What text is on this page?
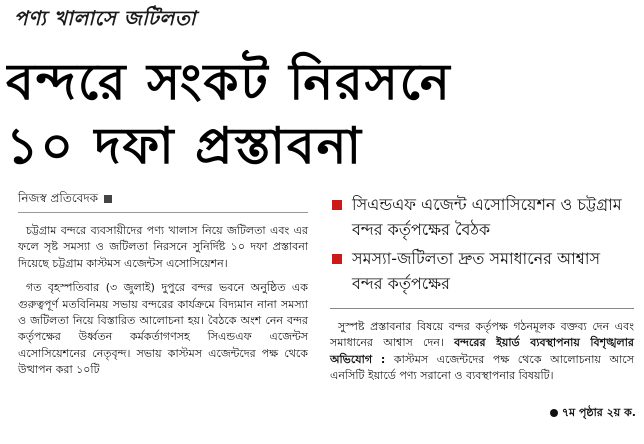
পণ্য খালাসে জটিলতা
বন্দরে সংকট নিরসনে
১০ দফা প্রস্তাবনা
নিজস্ব প্রতিবেদক

চট্টগ্রাম বন্দরে ব্যবসায়ীদের পণ্য খালাস নিয়ে জটিলতা এবং এর ফলে সৃষ্ট সমস্যা ও জটিলতা নিরসনে সুনির্দিষ্ট ১০ দফা প্রস্তাবনা দিয়েছে চট্টগ্রাম কাস্টমস এজেন্টস এসোসিয়েশন।

গত বৃহস্পতিবার (৩ জুলাই) দুপুরে বন্দর ভবনে অনুষ্ঠিত এক গুরুত্বপূর্ণ মতবিনিময় সভায় বন্দরের কার্যক্রমে বিদ্যমান নানা সমস্যা ও জটিলতা নিয়ে বিস্তারিত আলোচনা হয়। বৈঠকে অংশ নেন বন্দর কর্তৃপক্ষের উর্ধ্বতন কর্মকর্তাগণসহ সিএন্ডএফ এজেন্টস এসোসিয়েশনের নেতৃবৃন্দ। সভায় কাস্টমস এজেন্টদের পক্ষ থেকে উত্থাপন করা ১০টি

সিএন্ডএফ এজেন্ট এসোসিয়েশন ও চট্টগ্রাম বন্দর কর্তৃপক্ষের বৈঠক
সমস্যা-জটিলতা দ্রুত সমাধানের আশ্বাস বন্দর কর্তৃপক্ষের

সুস্পষ্ট প্রস্তাবনার বিষয়ে বন্দর কর্তৃপক্ষ গঠনমূলক বক্তব্য দেন এবং সমাধানের আশ্বাস দেন। বন্দরের ইয়ার্ড ব্যবস্থাপনায় বিশৃঙ্খলার অভিযোগ : কাস্টমস এজেন্টদের পক্ষ থেকে আলোচনায় আসে এনসিটি ইয়ার্ডে পণ্য সরানো ও ব্যবস্থাপনার বিষয়টি।

৭ম পৃষ্ঠার ২য় ক.
